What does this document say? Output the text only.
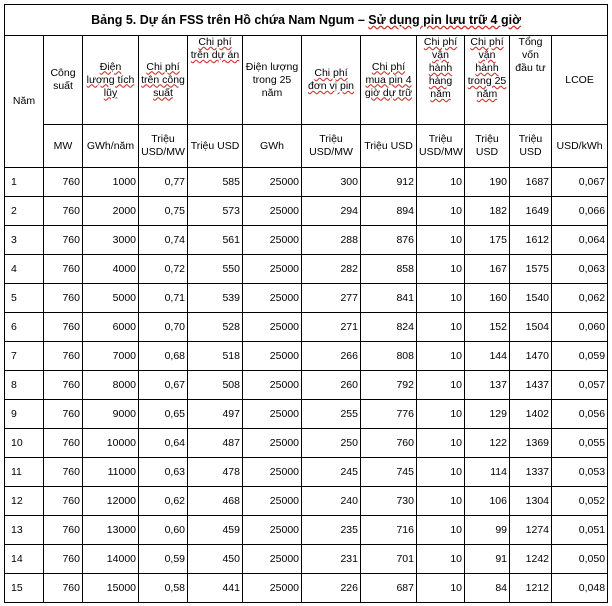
Bảng 5. Dự án FSS trên Hồ chứa Nam Ngum – Sử dụng pin lưu trữ 4 giờ											
Năm	Công suất	Điện lượng tích lũy	Chi phí trên công suất	Chi phí trên dự án	Điện lượng trong 25 năm	Chi phí đơn vị pin	Chi phí mua pin 4 giờ dự trữ	Chi phí vận hành hàng năm	Chi phí vận hành trong 25 năm	Tổng vốn đầu tư	LCOE
	MW	GWh/năm	Triệu USD/MW	Triệu USD	GWh	Triệu USD/MW	Triệu USD	Triệu USD/MW	Triệu USD	Triệu USD	USD/kWh
1	760	1000	0,77	585	25000	300	912	10	190	1687	0,067
2	760	2000	0,75	573	25000	294	894	10	182	1649	0,066
3	760	3000	0,74	561	25000	288	876	10	175	1612	0,064
4	760	4000	0,72	550	25000	282	858	10	167	1575	0,063
5	760	5000	0,71	539	25000	277	841	10	160	1540	0,062
6	760	6000	0,70	528	25000	271	824	10	152	1504	0,060
7	760	7000	0,68	518	25000	266	808	10	144	1470	0,059
8	760	8000	0,67	508	25000	260	792	10	137	1437	0,057
9	760	9000	0,65	497	25000	255	776	10	129	1402	0,056
10	760	10000	0,64	487	25000	250	760	10	122	1369	0,055
11	760	11000	0,63	478	25000	245	745	10	114	1337	0,053
12	760	12000	0,62	468	25000	240	730	10	106	1304	0,052
13	760	13000	0,60	459	25000	235	716	10	99	1274	0,051
14	760	14000	0,59	450	25000	231	701	10	91	1242	0,050
15	760	15000	0,58	441	25000	226	687	10	84	1212	0,048
